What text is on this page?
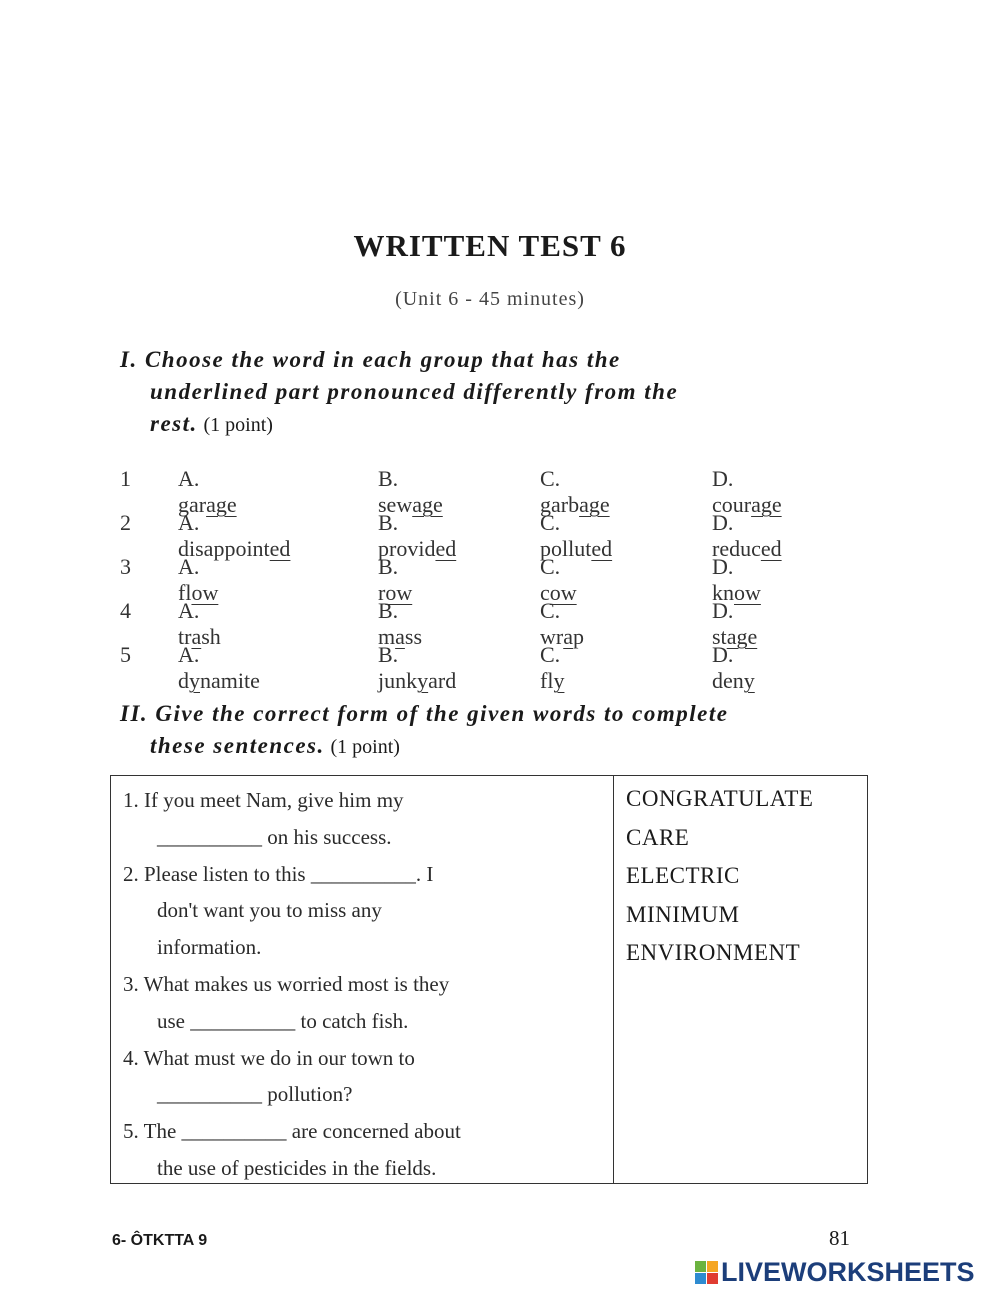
WRITTEN TEST 6
(Unit 6 - 45 minutes)
I. Choose the word in each group that has the
underlined part pronounced differently from the
rest. (1 point)
1 A. garage
B. sewage
C. garbage
D. courage
2 A. disappointed
B. provided
C. polluted
D. reduced
3 A. flow
B. row
C. cow
D. know
4 A. trash
B. mass
C. wrap
D. stage
5 A. dynamite
B. junkyard
C. fly
D. deny
II. Give the correct form of the given words to complete
these sentences. (1 point)
1. If you meet Nam, give him my
__________ on his success.
2. Please listen to this __________. I
don't want you to miss any
information.
3. What makes us worried most is they
use __________ to catch fish.
4. What must we do in our town to
__________ pollution?
5. The __________ are concerned about
the use of pesticides in the fields.
CONGRATULATE
CARE
ELECTRIC
MINIMUM
ENVIRONMENT
6- ÔTKTTA 9	81
LIVEWORKSHEETS
